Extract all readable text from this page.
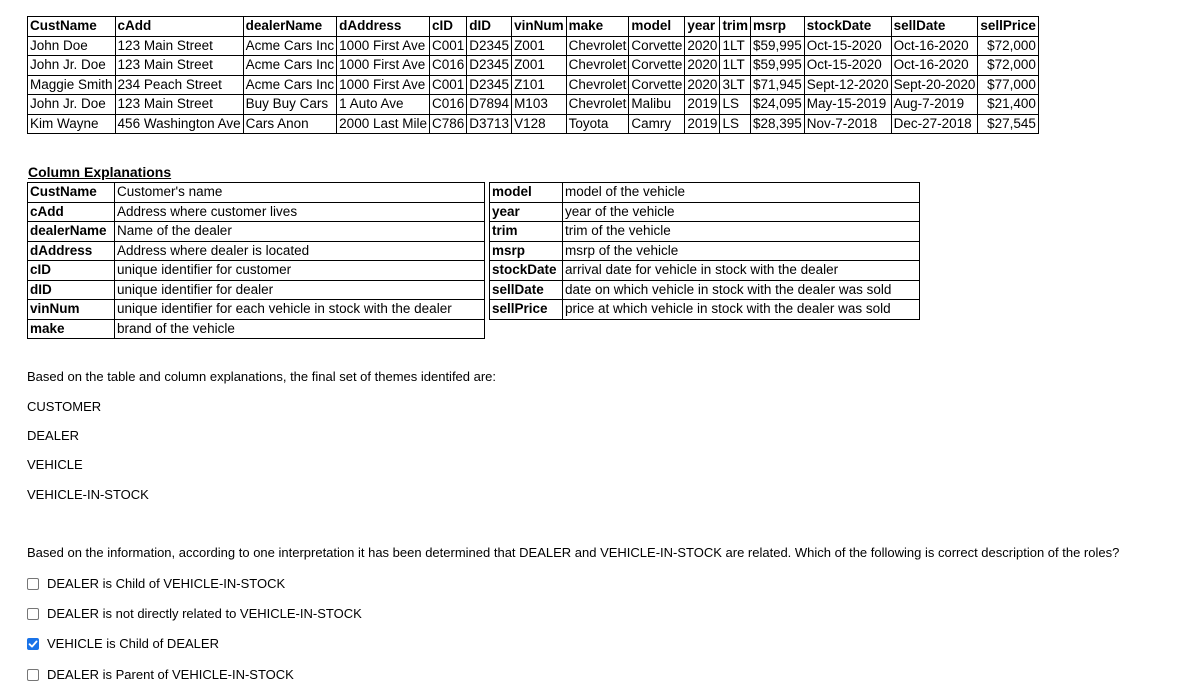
CustName	cAdd	dealerName	dAddress	cID	dID	vinNum	make	model	year	trim	msrp	stockDate	sellDate	sellPrice
John Doe	123 Main Street	Acme Cars Inc	1000 First Ave	C001	D2345	Z001	Chevrolet	Corvette	2020	1LT	$59,995	Oct-15-2020	Oct-16-2020	$72,000
John Jr. Doe	123 Main Street	Acme Cars Inc	1000 First Ave	C016	D2345	Z001	Chevrolet	Corvette	2020	1LT	$59,995	Oct-15-2020	Oct-16-2020	$72,000
Maggie Smith	234 Peach Street	Acme Cars Inc	1000 First Ave	C001	D2345	Z101	Chevrolet	Corvette	2020	3LT	$71,945	Sept-12-2020	Sept-20-2020	$77,000
John Jr. Doe	123 Main Street	Buy Buy Cars	1 Auto Ave	C016	D7894	M103	Chevrolet	Malibu	2019	LS	$24,095	May-15-2019	Aug-7-2019	$21,400
Kim Wayne	456 Washington Ave	Cars Anon	2000 Last Mile	C786	D3713	V128	Toyota	Camry	2019	LS	$28,395	Nov-7-2018	Dec-27-2018	$27,545
Column Explanations
CustName	Customer's name
cAdd	Address where customer lives
dealerName	Name of the dealer
dAddress	Address where dealer is located
cID	unique identifier for customer
dID	unique identifier for dealer
vinNum	unique identifier for each vehicle in stock with the dealer
make	brand of the vehicle
model	model of the vehicle
year	year of the vehicle
trim	trim of the vehicle
msrp	msrp of the vehicle
stockDate	arrival date for vehicle in stock with the dealer
sellDate	date on which vehicle in stock with the dealer was sold
sellPrice	price at which vehicle in stock with the dealer was sold
Based on the table and column explanations, the final set of themes identifed are:
CUSTOMER
DEALER
VEHICLE
VEHICLE-IN-STOCK
Based on the information, according to one interpretation it has been determined that DEALER and VEHICLE-IN-STOCK are related. Which of the following is correct description of the roles?
DEALER is Child of VEHICLE-IN-STOCK
DEALER is not directly related to VEHICLE-IN-STOCK
VEHICLE is Child of DEALER
DEALER is Parent of VEHICLE-IN-STOCK
